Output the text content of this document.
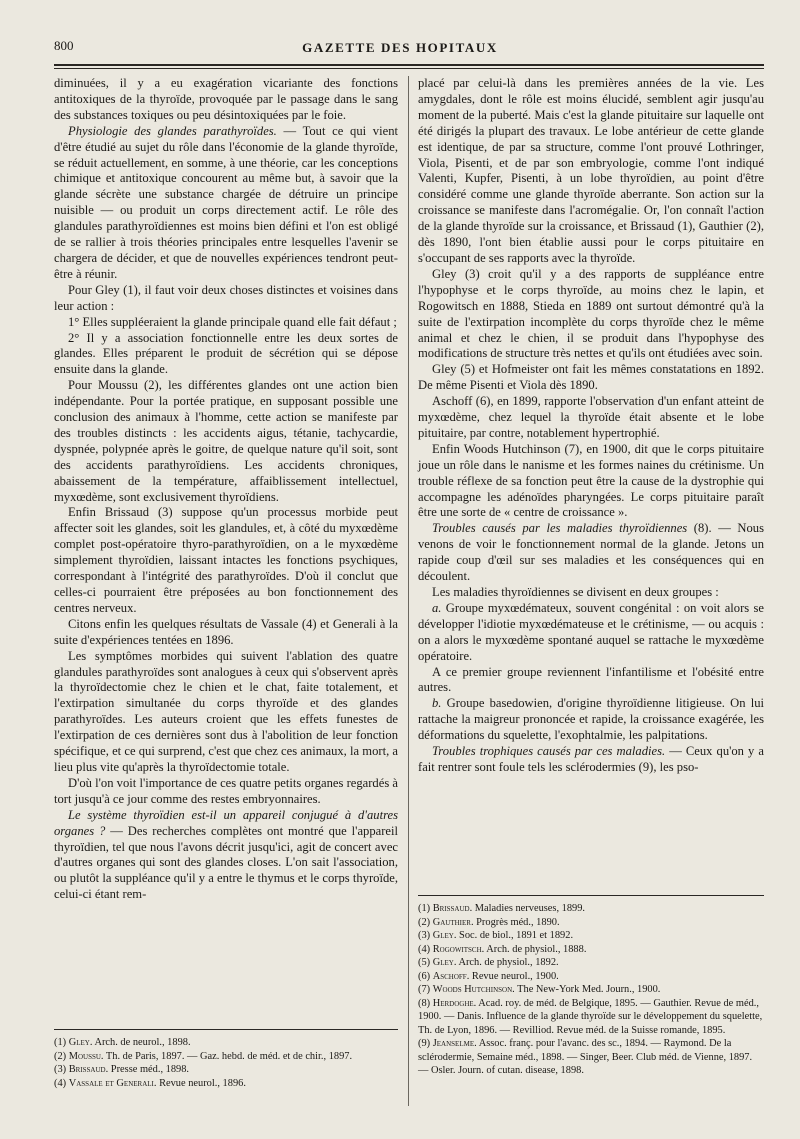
800	GAZETTE DES HOPITAUX

diminuées, il y a eu exagération vicariante des fonctions antitoxiques de la thyroïde, provoquée par le passage dans le sang des substances toxiques ou peu désintoxiquées par le foie.

Physiologie des glandes parathyroïdes. — Tout ce qui vient d'être étudié au sujet du rôle dans l'économie de la glande thyroïde, se réduit actuellement, en somme, à une théorie, car les conceptions chimique et antitoxique concourent au même but, à savoir que la glande sécrète une substance chargée de détruire un principe nuisible — ou produit un corps directement actif. Le rôle des glandules parathyroïdiennes est moins bien défini et l'on est obligé de se rallier à trois théories principales entre lesquelles l'avenir se chargera de décider, et que de nouvelles expériences tendront peut-être à réunir.

Pour Gley (1), il faut voir deux choses distinctes et voisines dans leur action :

1° Elles suppléeraient la glande principale quand elle fait défaut ;

2° Il y a association fonctionnelle entre les deux sortes de glandes. Elles préparent le produit de sécrétion qui se dépose ensuite dans la glande.

Pour Moussu (2), les différentes glandes ont une action bien indépendante. Pour la portée pratique, en supposant possible une conclusion des animaux à l'homme, cette action se manifeste par des troubles distincts : les accidents aigus, tétanie, tachycardie, dyspnée, polypnée après le goitre, de quelque nature qu'il soit, sont des accidents parathyroïdiens. Les accidents chroniques, abaissement de la température, affaiblissement intellectuel, myxœdème, sont exclusivement thyroïdiens.

Enfin Brissaud (3) suppose qu'un processus morbide peut affecter soit les glandes, soit les glandules, et, à côté du myxœdème complet post-opératoire thyro-parathyroïdien, on a le myxœdème simplement thyroïdien, laissant intactes les fonctions psychiques, correspondant à l'intégrité des parathyroïdes. D'où il conclut que celles-ci pourraient être préposées au bon fonctionnement des centres nerveux.

Citons enfin les quelques résultats de Vassale (4) et Generali à la suite d'expériences tentées en 1896.

Les symptômes morbides qui suivent l'ablation des quatre glandules parathyroïdes sont analogues à ceux qui s'observent après la thyroïdectomie chez le chien et le chat, faite totalement, et l'extirpation simultanée du corps thyroïde et des glandes parathyroïdes. Les auteurs croient que les effets funestes de l'extirpation de ces dernières sont dus à l'abolition de leur fonction spécifique, et ce qui surprend, c'est que chez ces animaux, la mort, a lieu plus vite qu'après la thyroïdectomie totale.

D'où l'on voit l'importance de ces quatre petits organes regardés à tort jusqu'à ce jour comme des restes embryonnaires.

Le système thyroïdien est-il un appareil conjugué à d'autres organes ? — Des recherches complètes ont montré que l'appareil thyroïdien, tel que nous l'avons décrit jusqu'ici, agit de concert avec d'autres organes qui sont des glandes closes. L'on sait l'association, ou plutôt la suppléance qu'il y a entre le thymus et le corps thyroïde, celui-ci étant rem-

(1) Gley. Arch. de neurol., 1898.

(2) Moussu. Th. de Paris, 1897. — Gaz. hebd. de méd. et de chir., 1897.

(3) Brissaud. Presse méd., 1898.

(4) Vassale et Generali. Revue neurol., 1896.

placé par celui-là dans les premières années de la vie. Les amygdales, dont le rôle est moins élucidé, semblent agir jusqu'au moment de la puberté. Mais c'est la glande pituitaire sur laquelle ont été dirigés la plupart des travaux. Le lobe antérieur de cette glande est identique, de par sa structure, comme l'ont prouvé Lothringer, Viola, Pisenti, et de par son embryologie, comme l'ont indiqué Valenti, Kupfer, Pisenti, à un lobe thyroïdien, au point d'être considéré comme une glande thyroïde aberrante. Son action sur la croissance se manifeste dans l'acromégalie. Or, l'on connaît l'action de la glande thyroïde sur la croissance, et Brissaud (1), Gauthier (2), dès 1890, l'ont bien établie aussi pour le corps pituitaire en s'occupant de ses rapports avec la thyroïde.

Gley (3) croit qu'il y a des rapports de suppléance entre l'hypophyse et le corps thyroïde, au moins chez le lapin, et Rogowitsch en 1888, Stieda en 1889 ont surtout démontré qu'à la suite de l'extirpation incomplète du corps thyroïde chez le même animal et chez le chien, il se produit dans l'hypophyse des modifications de structure très nettes et qu'ils ont étudiées avec soin.

Gley (5) et Hofmeister ont fait les mêmes constatations en 1892. De même Pisenti et Viola dès 1890.

Aschoff (6), en 1899, rapporte l'observation d'un enfant atteint de myxœdème, chez lequel la thyroïde était absente et le lobe pituitaire, par contre, notablement hypertrophié.

Enfin Woods Hutchinson (7), en 1900, dit que le corps pituitaire joue un rôle dans le nanisme et les formes naines du crétinisme. Un trouble réflexe de sa fonction peut être la cause de la dystrophie qui accompagne les adénoïdes pharyngées. Le corps pituitaire paraît être une sorte de « centre de croissance ».

Troubles causés par les maladies thyroïdiennes (8). — Nous venons de voir le fonctionnement normal de la glande. Jetons un rapide coup d'œil sur ses maladies et les conséquences qui en découlent.

Les maladies thyroïdiennes se divisent en deux groupes :

a. Groupe myxœdémateux, souvent congénital : on voit alors se développer l'idiotie myxœdémateuse et le crétinisme, — ou acquis : on a alors le myxœdème spontané auquel se rattache le myxœdème opératoire.

A ce premier groupe reviennent l'infantilisme et l'obésité entre autres.

b. Groupe basedowien, d'origine thyroïdienne litigieuse. On lui rattache la maigreur prononcée et rapide, la croissance exagérée, les déformations du squelette, l'exophtalmie, les palpitations.

Troubles trophiques causés par ces maladies. — Ceux qu'on y a fait rentrer sont foule tels les sclérodermies (9), les pso-

(1) Brissaud. Maladies nerveuses, 1899.

(2) Gauthier. Progrès méd., 1890.

(3) Gley. Soc. de biol., 1891 et 1892.

(4) Rogowitsch. Arch. de physiol., 1888.

(5) Gley. Arch. de physiol., 1892.

(6) Aschoff. Revue neurol., 1900.

(7) Woods Hutchinson. The New-York Med. Journ., 1900.

(8) Herdoghe. Acad. roy. de méd. de Belgique, 1895. — Gauthier. Revue de méd., 1900. — Danis. Influence de la glande thyroïde sur le développement du squelette, Th. de Lyon, 1896. — Revilliod. Revue méd. de la Suisse romande, 1895.

(9) Jeanselme. Assoc. franç. pour l'avanc. des sc., 1894. — Raymond. De la sclérodermie, Semaine méd., 1898. — Singer, Beer. Club méd. de Vienne, 1897. — Osler. Journ. of cutan. disease, 1898.
